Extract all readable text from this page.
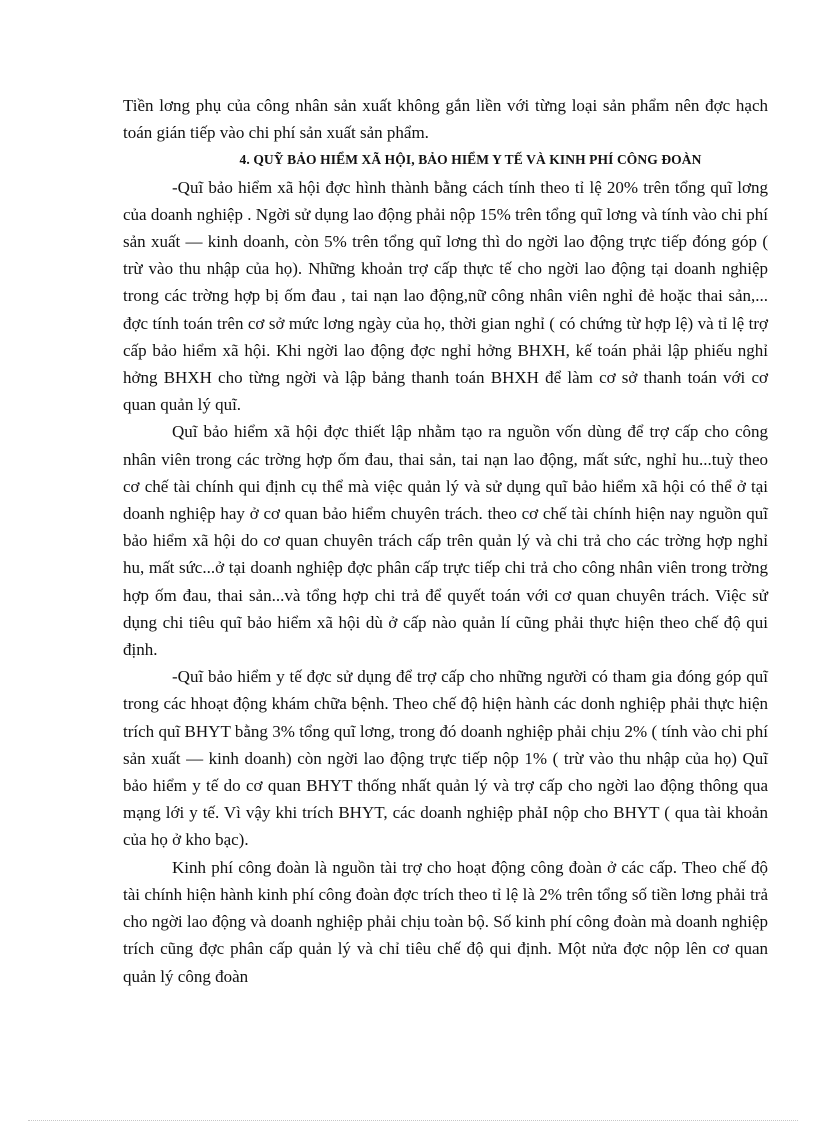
Tiền lơng phụ của công nhân sản xuất không gắn liền với từng loại sản phẩm nên đợc hạch toán gián tiếp vào chi phí sản xuất sản phẩm.

4. QUỸ BẢO HIỂM XÃ HỘI, BẢO HIỂM Y TẾ VÀ KINH PHÍ CÔNG ĐOÀN

-Quĩ bảo hiểm xã hội đợc hình thành bằng cách tính theo tỉ lệ 20% trên tổng quĩ lơng của doanh nghiệp . Ngời sử dụng lao động phải nộp 15% trên tổng quĩ lơng và tính vào chi phí sản xuất — kinh doanh, còn 5% trên tổng quĩ lơng thì do ngời lao động trực tiếp đóng góp ( trừ vào thu nhập của họ). Những khoản trợ cấp thực tế cho ngời lao động tại doanh nghiệp trong các trờng hợp bị ốm đau , tai nạn lao động,nữ công nhân viên nghỉ đẻ hoặc thai sản,... đợc tính toán trên cơ sở mức lơng ngày của họ, thời gian nghỉ ( có chứng từ hợp lệ) và tỉ lệ trợ cấp bảo hiểm xã hội. Khi ngời lao động đợc nghỉ hởng BHXH, kế toán phải lập phiếu nghỉ hởng BHXH cho từng ngời và lập bảng thanh toán BHXH để làm cơ sở thanh toán với cơ quan quản lý quĩ.

Quĩ bảo hiểm xã hội đợc thiết lập nhằm tạo ra nguồn vốn dùng để trợ cấp cho công nhân viên trong các trờng hợp ốm đau, thai sản, tai nạn lao động, mất sức, nghỉ hu...tuỳ theo cơ chế tài chính qui định cụ thể mà việc quản lý và sử dụng quĩ bảo hiểm xã hội có thể ở tại doanh nghiệp hay ở cơ quan bảo hiểm chuyên trách. theo cơ chế tài chính hiện nay nguồn quĩ bảo hiểm xã hội do cơ quan chuyên trách cấp trên quản lý và chi trả cho các trờng hợp nghỉ hu, mất sức...ở tại doanh nghiệp đợc phân cấp trực tiếp chi trả cho công nhân viên trong trờng hợp ốm đau, thai sản...và tổng hợp chi trả để quyết toán với cơ quan chuyên trách. Việc sử dụng chi tiêu quĩ bảo hiểm xã hội dù ở cấp nào quản lí cũng phải thực hiện theo chế độ qui định.

-Quĩ bảo hiểm y tế đợc sử dụng để trợ cấp cho những người có tham gia đóng góp quĩ trong các hhoạt động khám chữa bệnh. Theo chế độ hiện hành các donh nghiệp phải thực hiện trích quĩ BHYT bằng 3% tổng quĩ lơng, trong đó doanh nghiệp phải chịu 2% ( tính vào chi phí sản xuất — kinh doanh) còn ngời lao động trực tiếp nộp 1% ( trừ vào thu nhập của họ) Quĩ bảo hiểm y tế do cơ quan BHYT thống nhất quản lý và trợ cấp cho ngời lao động thông qua mạng lới y tế. Vì vậy khi trích BHYT, các doanh nghiệp phảI nộp cho BHYT ( qua tài khoản của họ ở kho bạc).

Kinh phí công đoàn là nguồn tài trợ cho hoạt động công đoàn ở các cấp. Theo chế độ tài chính hiện hành kinh phí công đoàn đợc trích theo tỉ lệ là 2% trên tổng số tiền lơng phải trả cho ngời lao động và doanh nghiệp phải chịu toàn bộ. Số kinh phí công đoàn mà doanh nghiệp trích cũng đợc phân cấp quản lý và chỉ tiêu chế độ qui định. Một nửa đợc nộp lên cơ quan quản lý công đoàn
